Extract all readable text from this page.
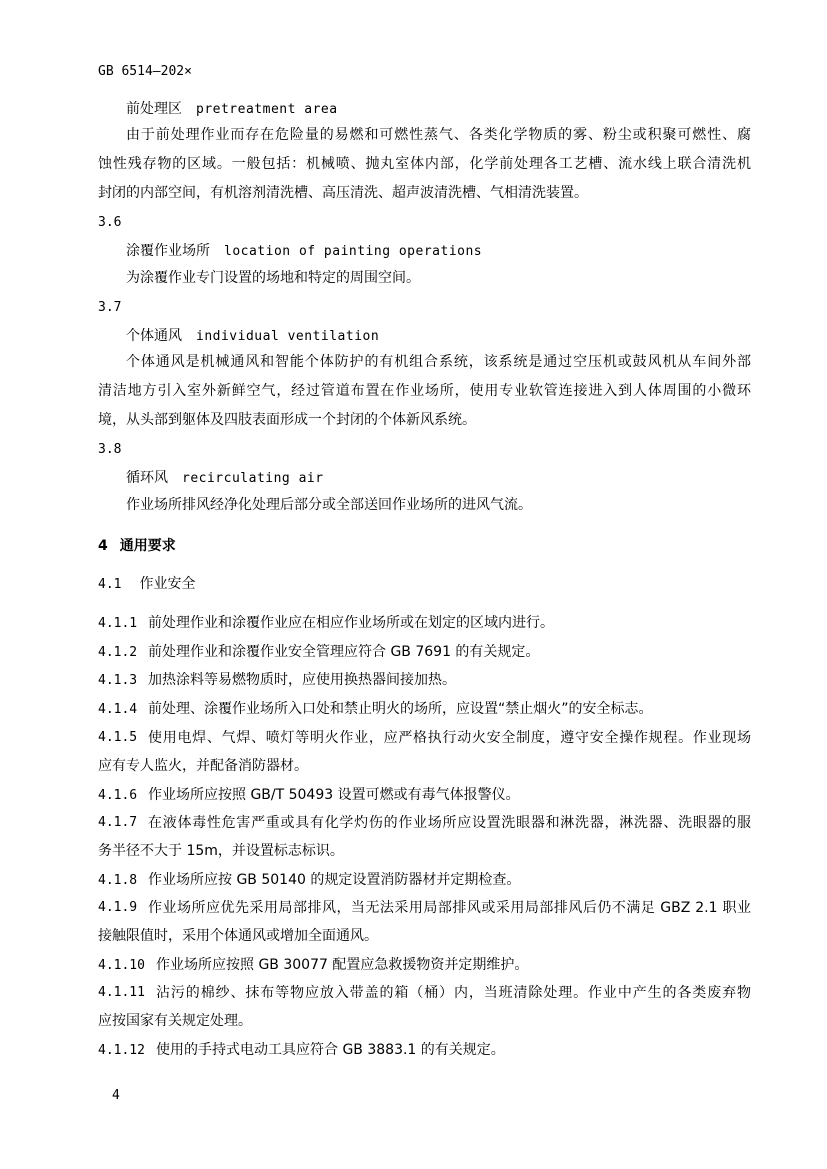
GB 6514—202×
前处理区 pretreatment area
由于前处理作业而存在危险量的易燃和可燃性蒸气、各类化学物质的雾、粉尘或积聚可燃性、腐
蚀性残存物的区域。一般包括：机械喷、抛丸室体内部，化学前处理各工艺槽、流水线上联合清洗机
封闭的内部空间，有机溶剂清洗槽、高压清洗、超声波清洗槽、气相清洗装置。
3.6
涂覆作业场所 location of painting operations
为涂覆作业专门设置的场地和特定的周围空间。
3.7
个体通风 individual ventilation
个体通风是机械通风和智能个体防护的有机组合系统，该系统是通过空压机或鼓风机从车间外部
清洁地方引入室外新鲜空气，经过管道布置在作业场所，使用专业软管连接进入到人体周围的小微环
境，从头部到躯体及四肢表面形成一个封闭的个体新风系统。
3.8
循环风 recirculating air
作业场所排风经净化处理后部分或全部送回作业场所的进风气流。
4 通用要求
4.1 作业安全
4.1.1 前处理作业和涂覆作业应在相应作业场所或在划定的区域内进行。
4.1.2 前处理作业和涂覆作业安全管理应符合 GB 7691 的有关规定。
4.1.3 加热涂料等易燃物质时，应使用换热器间接加热。
4.1.4 前处理、涂覆作业场所入口处和禁止明火的场所，应设置“禁止烟火”的安全标志。
4.1.5 使用电焊、气焊、喷灯等明火作业，应严格执行动火安全制度，遵守安全操作规程。作业现场
应有专人监火，并配备消防器材。
4.1.6 作业场所应按照 GB/T 50493 设置可燃或有毒气体报警仪。
4.1.7 在液体毒性危害严重或具有化学灼伤的作业场所应设置洗眼器和淋洗器，淋洗器、洗眼器的服
务半径不大于 15m，并设置标志标识。
4.1.8 作业场所应按 GB 50140 的规定设置消防器材并定期检查。
4.1.9 作业场所应优先采用局部排风，当无法采用局部排风或采用局部排风后仍不满足 GBZ 2.1 职业
接触限值时，采用个体通风或增加全面通风。
4.1.10 作业场所应按照 GB 30077 配置应急救援物资并定期维护。
4.1.11 沾污的棉纱、抹布等物应放入带盖的箱（桶）内，当班清除处理。作业中产生的各类废弃物
应按国家有关规定处理。
4.1.12 使用的手持式电动工具应符合 GB 3883.1 的有关规定。
4
